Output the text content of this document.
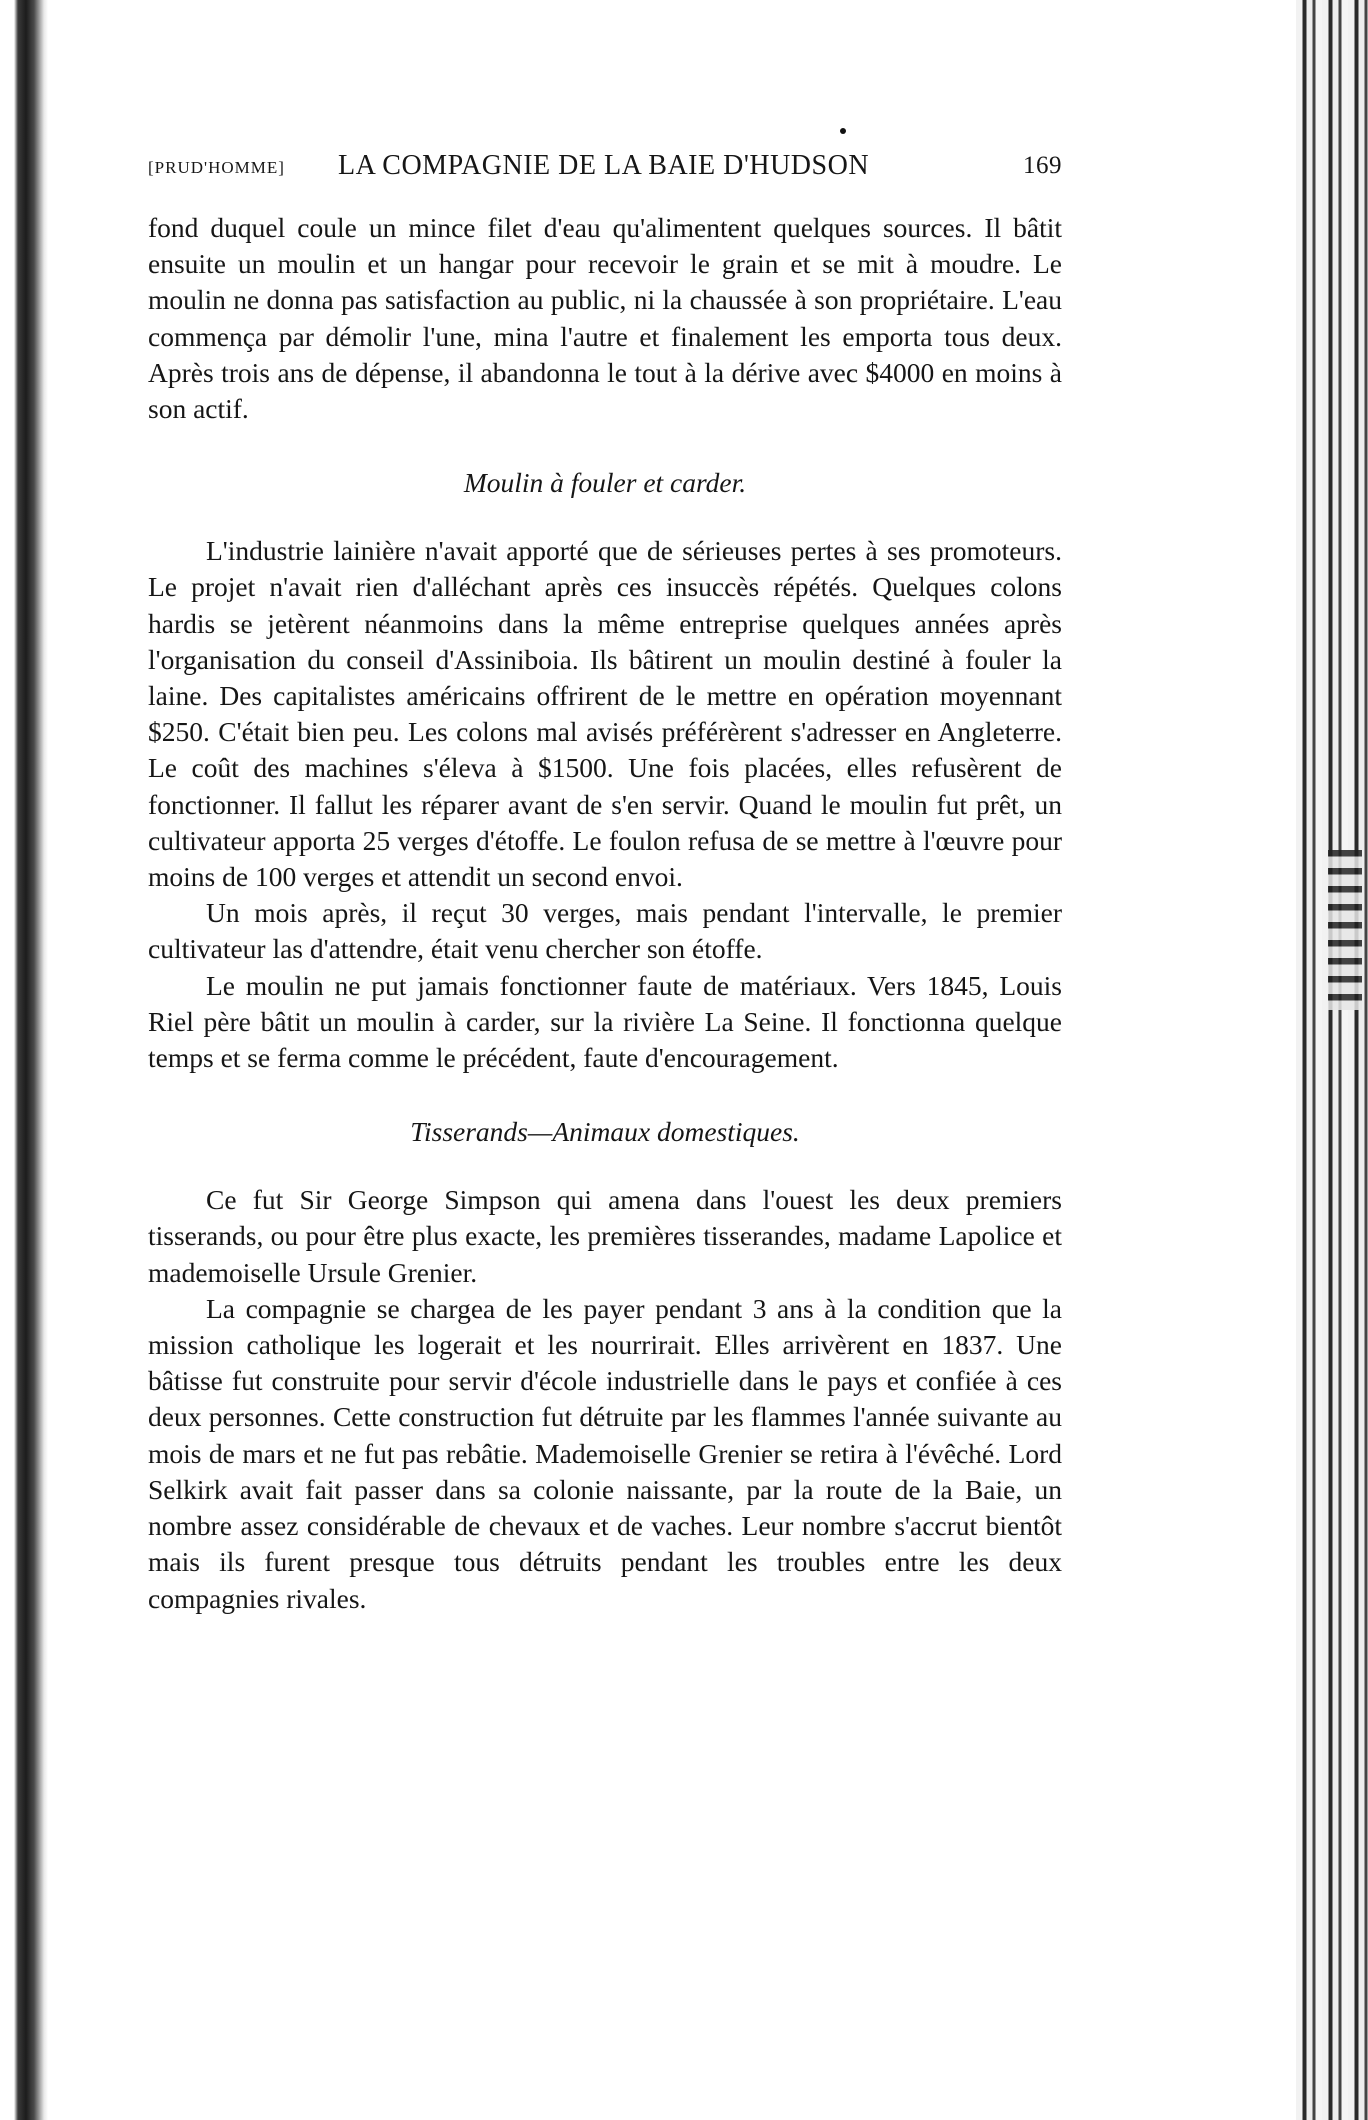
[PRUD'HOMME] LA COMPAGNIE DE LA BAIE D'HUDSON	169

fond duquel coule un mince filet d'eau qu'alimentent quelques sources. Il bâtit ensuite un moulin et un hangar pour recevoir le grain et se mit à moudre. Le moulin ne donna pas satisfaction au public, ni la chaussée à son propriétaire. L'eau commença par démolir l'une, mina l'autre et finalement les emporta tous deux. Après trois ans de dépense, il abandonna le tout à la dérive avec $4000 en moins à son actif.

Moulin à fouler et carder.

L'industrie lainière n'avait apporté que de sérieuses pertes à ses promoteurs. Le projet n'avait rien d'alléchant après ces insuccès répétés. Quelques colons hardis se jetèrent néanmoins dans la même entreprise quelques années après l'organisation du conseil d'Assiniboia. Ils bâtirent un moulin destiné à fouler la laine. Des capitalistes américains offrirent de le mettre en opération moyennant $250. C'était bien peu. Les colons mal avisés préférèrent s'adresser en Angleterre. Le coût des machines s'éleva à $1500. Une fois placées, elles refusèrent de fonctionner. Il fallut les réparer avant de s'en servir. Quand le moulin fut prêt, un cultivateur apporta 25 verges d'étoffe. Le foulon refusa de se mettre à l'œuvre pour moins de 100 verges et attendit un second envoi.

Un mois après, il reçut 30 verges, mais pendant l'intervalle, le premier cultivateur las d'attendre, était venu chercher son étoffe.

Le moulin ne put jamais fonctionner faute de matériaux. Vers 1845, Louis Riel père bâtit un moulin à carder, sur la rivière La Seine. Il fonctionna quelque temps et se ferma comme le précédent, faute d'encouragement.

Tisserands—Animaux domestiques.

Ce fut Sir George Simpson qui amena dans l'ouest les deux premiers tisserands, ou pour être plus exacte, les premières tisserandes, madame Lapolice et mademoiselle Ursule Grenier.

La compagnie se chargea de les payer pendant 3 ans à la condition que la mission catholique les logerait et les nourrirait. Elles arrivèrent en 1837. Une bâtisse fut construite pour servir d'école industrielle dans le pays et confiée à ces deux personnes. Cette construction fut détruite par les flammes l'année suivante au mois de mars et ne fut pas rebâtie. Mademoiselle Grenier se retira à l'évêché. Lord Selkirk avait fait passer dans sa colonie naissante, par la route de la Baie, un nombre assez considérable de chevaux et de vaches. Leur nombre s'accrut bientôt mais ils furent presque tous détruits pendant les troubles entre les deux compagnies rivales.
